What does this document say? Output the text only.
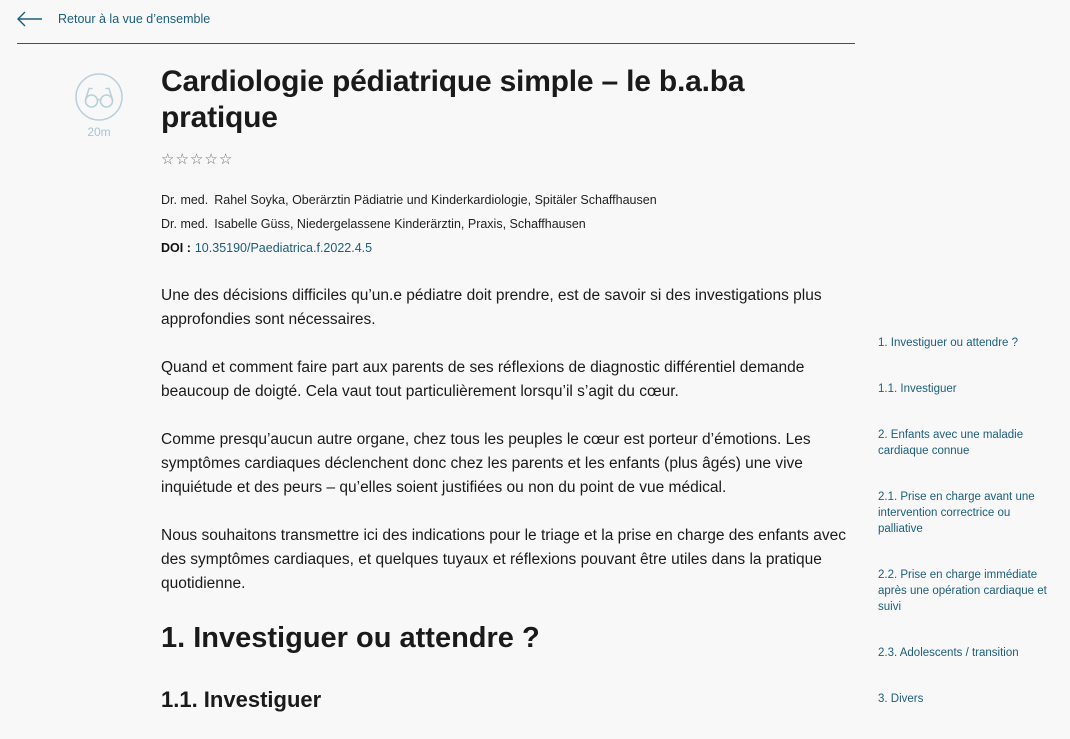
Retour à la vue d’ensemble
20m
Cardiologie pédiatrique simple – le b.a.ba pratique
☆ ☆ ☆ ☆ ☆
Dr. med. Rahel Soyka, Oberärztin Pädiatrie und Kinderkardiologie, Spitäler Schaffhausen
Dr. med. Isabelle Güss, Niedergelassene Kinderärztin, Praxis, Schaffhausen
DOI : 10.35190/Paediatrica.f.2022.4.5

Une des décisions difficiles qu’un.e pédiatre doit prendre, est de savoir si des investigations plus approfondies sont nécessaires.

Quand et comment faire part aux parents de ses réflexions de diagnostic différentiel demande beaucoup de doigté. Cela vaut tout particulièrement lorsqu’il s’agit du cœur.

Comme presqu’aucun autre organe, chez tous les peuples le cœur est porteur d’émotions. Les symptômes cardiaques déclenchent donc chez les parents et les enfants (plus âgés) une vive inquiétude et des peurs – qu’elles soient justifiées ou non du point de vue médical.

Nous souhaitons transmettre ici des indications pour le triage et la prise en charge des enfants avec des symptômes cardiaques, et quelques tuyaux et réflexions pouvant être utiles dans la pratique quotidienne.

1. Investiguer ou attendre ?
1.1. Investiguer
1. Investiguer ou attendre ?
1.1. Investiguer
2. Enfants avec une maladie cardiaque connue
2.1. Prise en charge avant une intervention correctrice ou palliative
2.2. Prise en charge immédiate après une opération cardiaque et suivi
2.3. Adolescents / transition
3. Divers
